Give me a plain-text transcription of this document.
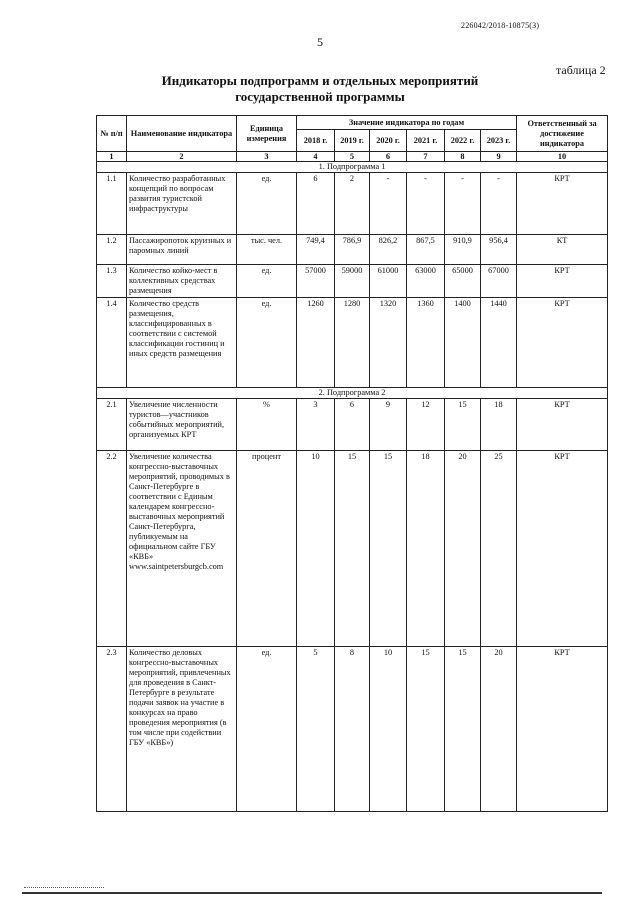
226042/2018-10875(3)
5
таблица 2
Индикаторы подпрограмм и отдельных мероприятий
государственной программы
№ п/п	Наименование индикатора	Единица измерения	Значение индикатора по годам						Ответственный за достижение индикатора
			2018 г.	2019 г.	2020 г.	2021 г.	2022 г.	2023 г.	
1	2	3	4	5	6	7	8	9	10
1. Подпрограмма 1									
1.1	Количество разработанных концепций по вопросам развития туристской инфраструктуры	ед.	6	2	-	-	-	-	КРТ
1.2	Пассажиропоток круизных и паромных линий	тыс. чел.	749,4	786,9	826,2	867,5	910,9	956,4	КТ
1.3	Количество койко-мест в коллективных средствах размещения	ед.	57000	59000	61000	63000	65000	67000	КРТ
1.4	Количество средств размещения, классифицированных в соответствии с системой классификации гостиниц и иных средств размещения	ед.	1260	1280	1320	1360	1400	1440	КРТ
2. Подпрограмма 2									
2.1	Увеличение численности туристов—участников событийных мероприятий, организуемых КРТ	%	3	6	9	12	15	18	КРТ
2.2	Увеличение количества конгрессно-выставочных мероприятий, проводимых в Санкт-Петербурге в соответствии с Единым календарем конгрессно-выставочных мероприятий Санкт-Петербурга, публикуемым на официальном сайте ГБУ «КВБ» www.saintpetersburgcb.com	процент	10	15	15	18	20	25	КРТ
2.3	Количество деловых конгрессно-выставочных мероприятий, привлеченных для проведения в Санкт-Петербурге в результате подачи заявок на участие в конкурсах на право проведения мероприятия (в том числе при содействии ГБУ «КВБ»)	ед.	5	8	10	15	15	20	КРТ
